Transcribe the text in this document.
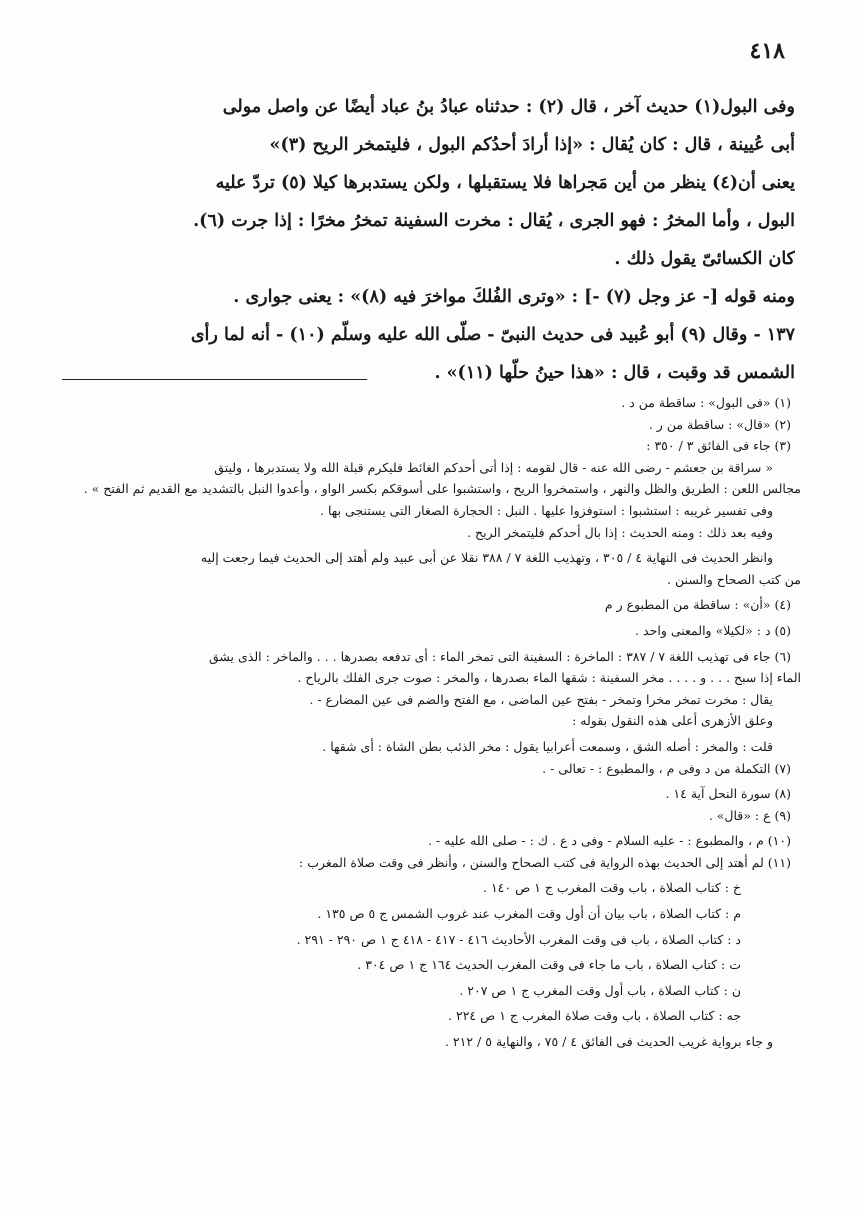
٤١٨

وفى البول(١) حديث آخر ، قال (٢) : حدثناه عبادُ بنُ عباد أيضًا عن واصل مولى

أبى عُيينة ، قال : كان يُقال : «إذا أرادَ أحدُكم البول ، فليتمخر الريح (٣)»

يعنى أن(٤) ينظر من أين مَجراها فلا يستقبلها ، ولكن يستدبرها كيلا (٥) تردّ عليه

البول ، وأما المخرُ : فهو الجرى ، يُقال : مخرت السفينة تمخرُ مخرًا : إذا جرت (٦).

كان الكسائىّ يقول ذلك .

ومنه قوله [- عز وجل (٧) -] : «وترى الفُلكَ مواخرَ فيه (٨)» : يعنى جوارى .

١٣٧ - وقال (٩) أبو عُبيد فى حديث النبىّ - صلّى الله عليه وسلّم (١٠) - أنه لما رأى

الشمس قد وقبت ، قال : «هذا حينُ حلّها (١١)» .

(١) «فى البول» : ساقطة من د .

(٢) «قال» : ساقطة من ر .

(٣) جاء فى الفائق ٣ / ٣٥٠ :

« سراقة بن جعشم - رضى الله عنه - قال لقومه : إذا أتى أحدكم الغائط فليكرم قبلة الله ولا يستدبرها ، وليتق

مجالس اللعن : الطريق والظل والنهر ، واستمخروا الريح ، واستشبوا على أسوقكم بكسر الواو ، وأعدوا النبل بالتشديد مع القديم ثم الفتح » .

وفى تفسير غريبه : استشبوا : استوفزوا عليها . النبل : الحجارة الصغار التى يستنجى بها .

وفيه بعد ذلك : ومنه الحديث : إذا بال أحدكم فليتمخر الريح .

وانظر الحديث فى النهاية ٤ / ٣٠٥ ، وتهذيب اللغة ٧ / ٣٨٨ نقلا عن أبى عبيد ولم أهتد إلى الحديث فيما رجعت إليه

من كتب الصحاح والسنن .

(٤) «أن» : ساقطة من المطبوع ر م

(٥) د : «لكيلا» والمعنى واحد .

(٦) جاء فى تهذيب اللغة ٧ / ٣٨٧ : الماخرة : السفينة التى تمخر الماء : أى تدفعه بصدرها . . . والماخر : الذى يشق

الماء إذا سبح . . . و . . . . مخر السفينة : شقها الماء بصدرها ، والمخر : صوت جرى الفلك بالرياح .

يقال : مخرت تمخر مخرا وتمخر - بفتح عين الماضى ، مع الفتح والضم فى عين المضارع - .

وعلق الأزهرى أعلى هذه النقول بقوله :

قلت : والمخر : أصله الشق ، وسمعت أعرابيا يقول : مخر الذئب بطن الشاة : أى شقها .

(٧) التكملة من د وفى م ، والمطبوع : - تعالى - .

(٨) سورة النحل آية ١٤ .

(٩) ع : «قال» .

(١٠) م ، والمطبوع : - عليه السلام - وفى د ع . ك : - صلى الله عليه - .

(١١) لم أهتد إلى الحديث بهذه الرواية فى كتب الصحاح والسنن ، وأنظر فى وقت صلاة المغرب :

خ : كتاب الصلاة ، باب وقت المغرب ج ١ ص ١٤٠ .

م : كتاب الصلاة ، باب بيان أن أول وقت المغرب عند غروب الشمس ج ٥ ص ١٣٥ .

د : كتاب الصلاة ، باب فى وقت المغرب الأحاديث ٤١٦ - ٤١٧ - ٤١٨ ج ١ ص ٢٩٠ - ٢٩١ .

ت : كتاب الصلاة ، باب ما جاء فى وقت المغرب الحديث ١٦٤ ج ١ ص ٣٠٤ .

ن : كتاب الصلاة ، باب أول وقت المغرب ج ١ ص ٢٠٧ .

جه : كتاب الصلاة ، باب وقت صلاة المغرب ج ١ ص ٢٢٤ .

و جاء برواية غريب الحديث فى الفائق ٤ / ٧٥ ، والنهاية ٥ / ٢١٢ .
